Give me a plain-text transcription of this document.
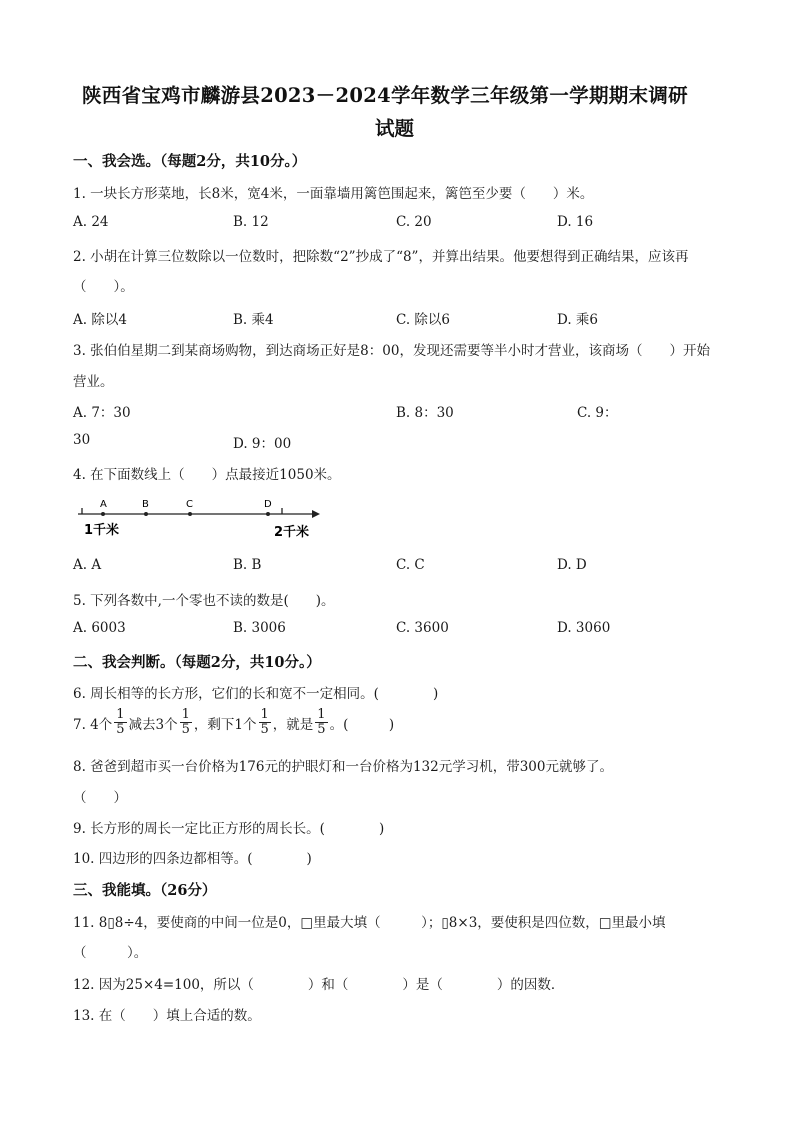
陕西省宝鸡市麟游县2023－2024学年数学三年级第一学期期末调研
试题
一、我会选。（每题2分，共10分。）
1. 一块长方形菜地，长8米，宽4米，一面靠墙用篱笆围起来，篱笆至少要（　　）米。
A. 24	B. 12	C. 20	D. 16
2. 小胡在计算三位数除以一位数时，把除数“2”抄成了“8”，并算出结果。他要想得到正确结果，应该再
（　　）。
A. 除以4	B. 乘4	C. 除以6	D. 乘6
3. 张伯伯星期二到某商场购物，到达商场正好是8：00，发现还需要等半小时才营业，该商场（　　）开始
营业。
A. 7：30	B. 8：30	C. 9：
30	D. 9：00
4. 在下面数线上（　　）点最接近1050米。
A	B	C	D
1千米	2千米
A. A	B. B	C. C	D. D
5. 下列各数中,一个零也不读的数是(　　)。
A. 6003	B. 3006	C. 3600	D. 3060
二、我会判断。（每题2分，共10分。）
6. 周长相等的长方形，它们的长和宽不一定相同。(　　　　)
7. 4个 $\frac{1}{5}$ 减去3个 $\frac{1}{5}$ ，剩下1个 $\frac{1}{5}$ ，就是 $\frac{1}{5}$ 。(　　　)
8. 爸爸到超市买一台价格为176元的护眼灯和一台价格为132元学习机，带300元就够了。
（　　）
9. 长方形的周长一定比正方形的周长长。(　　　　)
10. 四边形的四条边都相等。(　　　　)
三、我能填。（26分）
11. 8▯8÷4，要使商的中间一位是0，□里最大填（　　　）；▯8×3，要使积是四位数，□里最小填
（　　　）。
12. 因为25×4=100，所以（　　　　）和（　　　　）是（　　　　）的因数．
13. 在（　　）填上合适的数。
